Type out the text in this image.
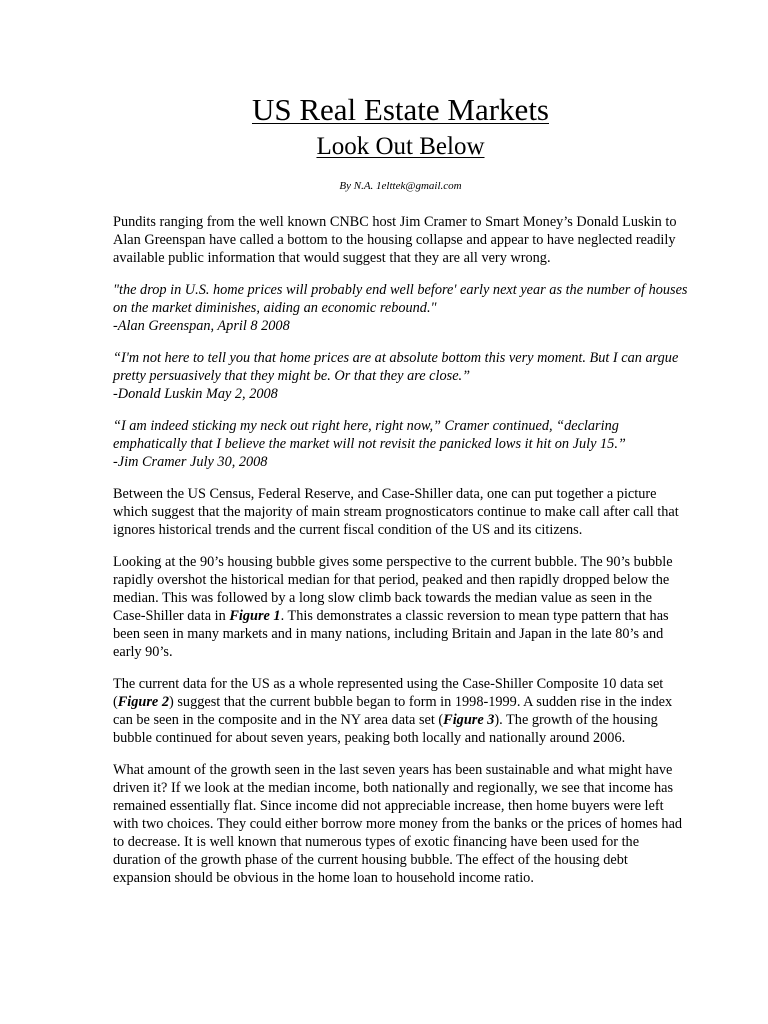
US Real Estate Markets
Look Out Below
By N.A. 1elttek@gmail.com

Pundits ranging from the well known CNBC host Jim Cramer to Smart Money’s Donald Luskin to Alan Greenspan have called a bottom to the housing collapse and appear to have neglected readily available public information that would suggest that they are all very wrong.

"the drop in U.S. home prices will probably end well before' early next year as the number of houses on the market diminishes, aiding an economic rebound."
-Alan Greenspan, April 8 2008

“I'm not here to tell you that home prices are at absolute bottom this very moment. But I can argue pretty persuasively that they might be. Or that they are close.”
-Donald Luskin May 2, 2008

“I am indeed sticking my neck out right here, right now,” Cramer continued, “declaring emphatically that I believe the market will not revisit the panicked lows it hit on July 15.”
-Jim Cramer July 30, 2008

Between the US Census, Federal Reserve, and Case-Shiller data, one can put together a picture which suggest that the majority of main stream prognosticators continue to make call after call that ignores historical trends and the current fiscal condition of the US and its citizens.

Looking at the 90’s housing bubble gives some perspective to the current bubble. The 90’s bubble rapidly overshot the historical median for that period, peaked and then rapidly dropped below the median. This was followed by a long slow climb back towards the median value as seen in the Case-Shiller data in Figure 1. This demonstrates a classic reversion to mean type pattern that has been seen in many markets and in many nations, including Britain and Japan in the late 80’s and early 90’s.

The current data for the US as a whole represented using the Case-Shiller Composite 10 data set (Figure 2) suggest that the current bubble began to form in 1998-1999. A sudden rise in the index can be seen in the composite and in the NY area data set (Figure 3). The growth of the housing bubble continued for about seven years, peaking both locally and nationally around 2006.

What amount of the growth seen in the last seven years has been sustainable and what might have driven it? If we look at the median income, both nationally and regionally, we see that income has remained essentially flat. Since income did not appreciable increase, then home buyers were left with two choices. They could either borrow more money from the banks or the prices of homes had to decrease. It is well known that numerous types of exotic financing have been used for the duration of the growth phase of the current housing bubble. The effect of the housing debt expansion should be obvious in the home loan to household income ratio.
